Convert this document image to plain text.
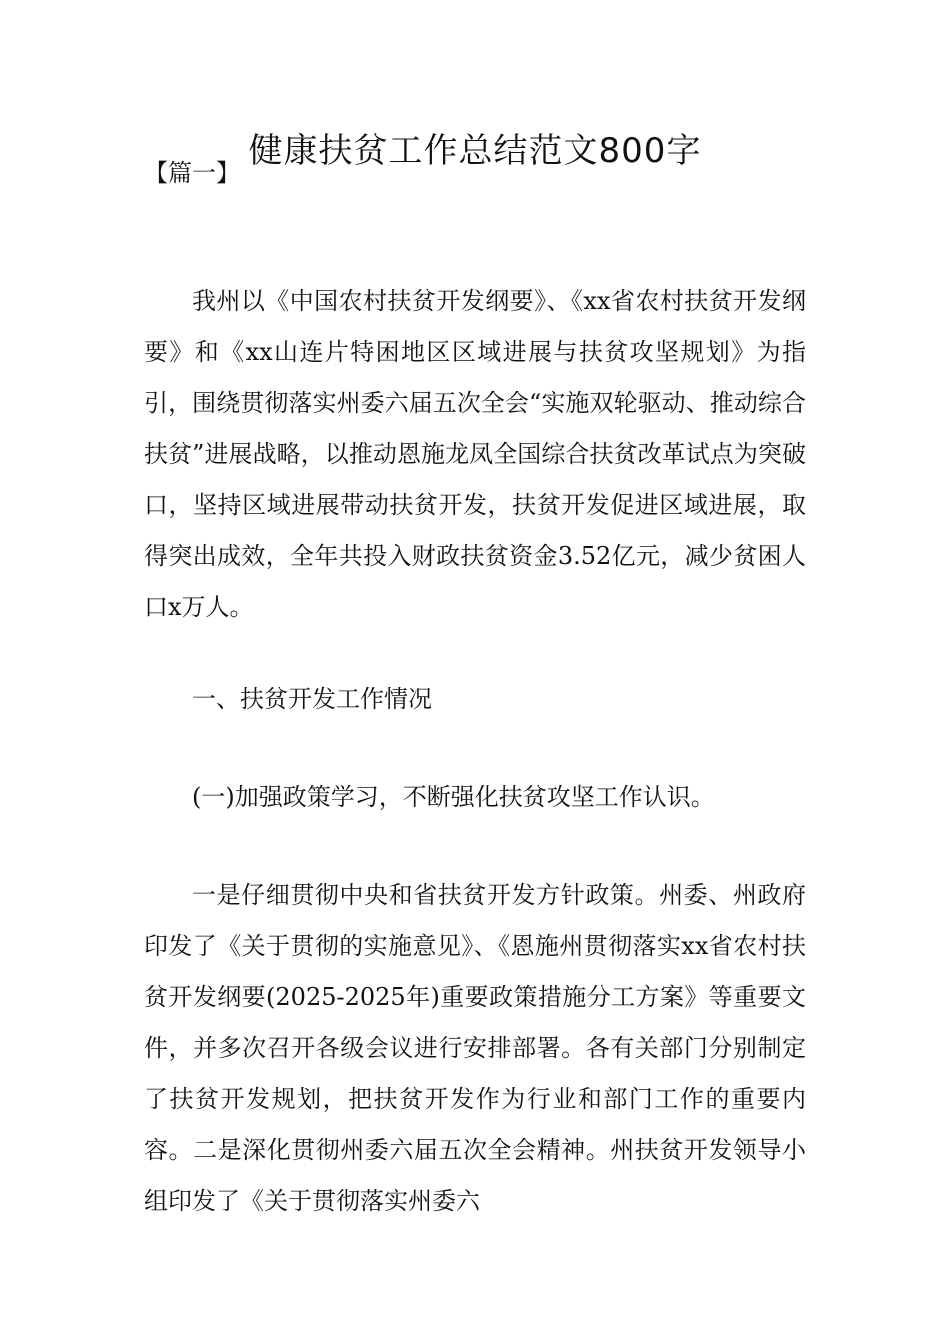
健康扶贫工作总结范文800字

【篇一】

我州以《中国农村扶贫开发纲要》、《xx省农村扶贫开发纲要》和《xx山连片特困地区区域进展与扶贫攻坚规划》为指引，围绕贯彻落实州委六届五次全会“实施双轮驱动、推动综合扶贫”进展战略，以推动恩施龙凤全国综合扶贫改革试点为突破口，坚持区域进展带动扶贫开发，扶贫开发促进区域进展，取得突出成效，全年共投入财政扶贫资金3.52亿元，减少贫困人口x万人。

一、扶贫开发工作情况

(一)加强政策学习，不断强化扶贫攻坚工作认识。

一是仔细贯彻中央和省扶贫开发方针政策。州委、州政府印发了《关于贯彻的实施意见》、《恩施州贯彻落实xx省农村扶贫开发纲要(2025-2025年)重要政策措施分工方案》等重要文件，并多次召开各级会议进行安排部署。各有关部门分别制定了扶贫开发规划，把扶贫开发作为行业和部门工作的重要内容。二是深化贯彻州委六届五次全会精神。州扶贫开发领导小组印发了《关于贯彻落实州委六
